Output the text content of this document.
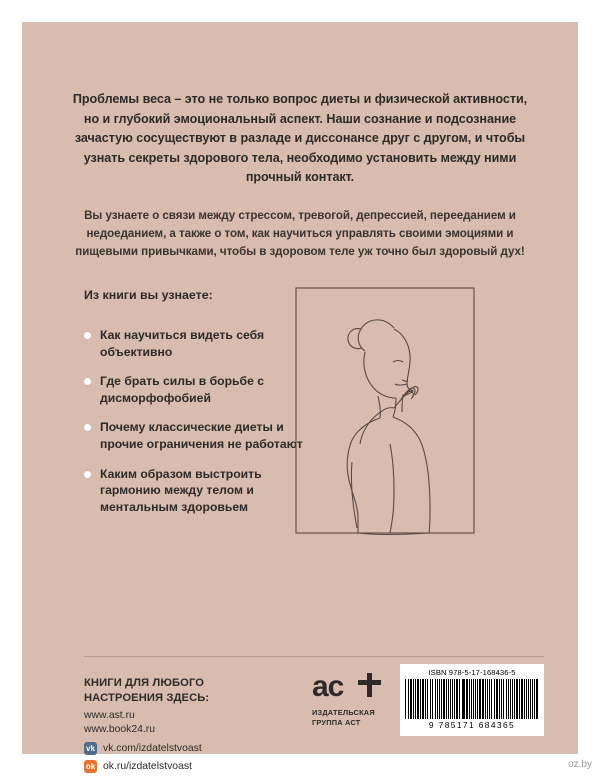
Проблемы веса – это не только вопрос диеты и физической активности, но и глубокий эмоциональный аспект. Наши сознание и подсознание зачастую сосуществуют в разладе и диссонансе друг с другом, и чтобы узнать секреты здорового тела, необходимо установить между ними прочный контакт.
Вы узнаете о связи между стрессом, тревогой, депрессией, перееданием и недоеданием, а также о том, как научиться управлять своими эмоциями и пищевыми привычками, чтобы в здоровом теле уж точно был здоровый дух!
Из книги вы узнаете:
Как научиться видеть себя объективно
Где брать силы в борьбе с дисморфофобией
Почему классические диеты и прочие ограничения не работают
Каким образом выстроить гармонию между телом и ментальным здоровьем
КНИГИ ДЛЯ ЛЮБОГО
НАСТРОЕНИЯ ЗДЕСЬ:
www.ast.ru
www.book24.ru
vk vk.com/izdatelstvoast
ok ok.ru/izdatelstvoast
ac
ИЗДАТЕЛЬСКАЯ
ГРУППА АСТ
ISBN 978-5-17-168436-5
9 785171 684365
oz.by
